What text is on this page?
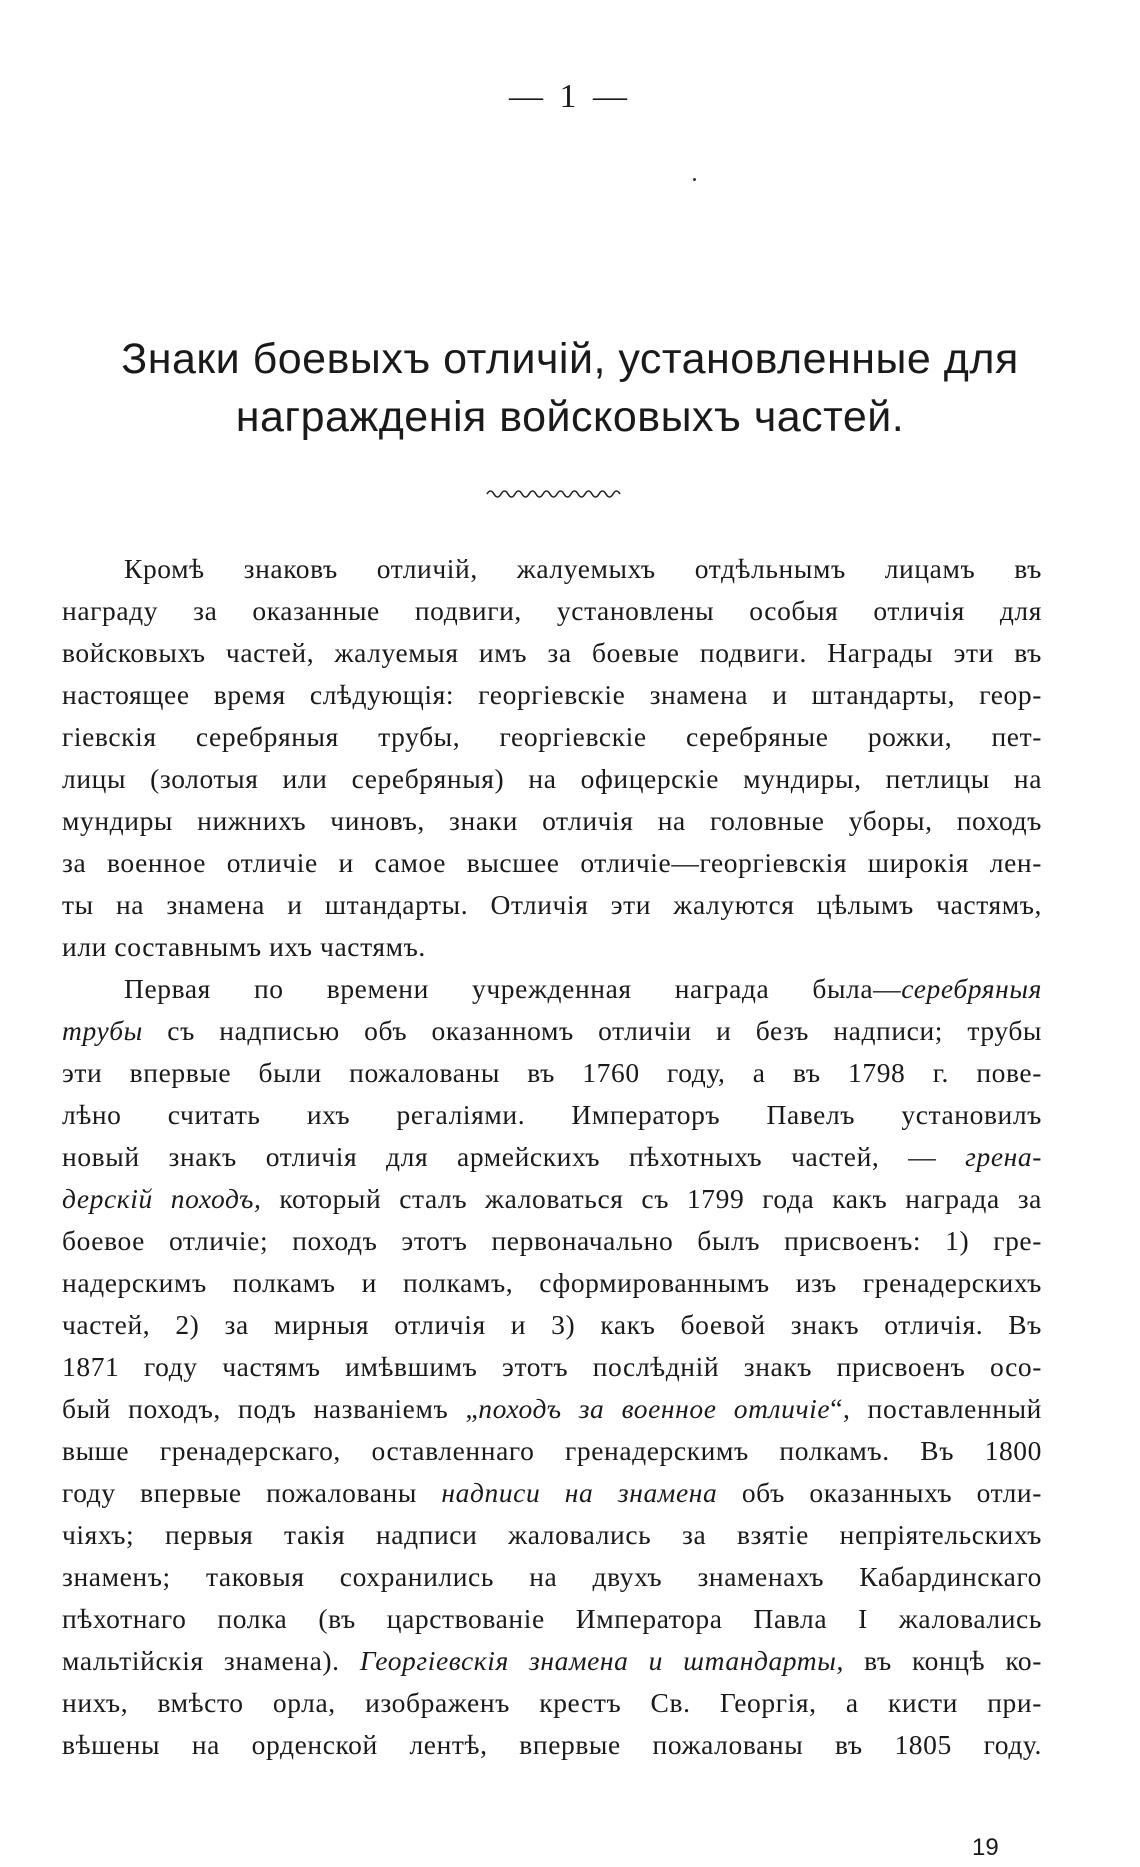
— 1 —
Знаки боевыхъ отличій, установленные для
награжденія войсковыхъ частей.
Кромѣ знаковъ отличій, жалуемыхъ отдѣльнымъ лицамъ въ
награду за оказанные подвиги, установлены особыя отличія для
войсковыхъ частей, жалуемыя имъ за боевые подвиги. Награды эти въ
настоящее время слѣдующія: георгіевскіе знамена и штандарты, геор-
гіевскія серебряныя трубы, георгіевскіе серебряные рожки, пет-
лицы (золотыя или серебряныя) на офицерскіе мундиры, петлицы на
мундиры нижнихъ чиновъ, знаки отличія на головные уборы, походъ
за военное отличіе и самое высшее отличіе—георгіевскія широкія лен-
ты на знамена и штандарты. Отличія эти жалуются цѣлымъ частямъ,
или составнымъ ихъ частямъ.
Первая по времени учрежденная награда была—серебряныя
трубы съ надписью объ оказанномъ отличіи и безъ надписи; трубы
эти впервые были пожалованы въ 1760 году, а въ 1798 г. пове-
лѣно считать ихъ регаліями. Императоръ Павелъ установилъ
новый знакъ отличія для армейскихъ пѣхотныхъ частей, — грена-
дерскій походъ, который сталъ жаловаться съ 1799 года какъ награда за
боевое отличіе; походъ этотъ первоначально былъ присвоенъ: 1) гре-
надерскимъ полкамъ и полкамъ, сформированнымъ изъ гренадерскихъ
частей, 2) за мирныя отличія и 3) какъ боевой знакъ отличія. Въ
1871 году частямъ имѣвшимъ этотъ послѣдній знакъ присвоенъ осо-
бый походъ, подъ названіемъ „походъ за военное отличіе“, поставленный
выше гренадерскаго, оставленнаго гренадерскимъ полкамъ. Въ 1800
году впервые пожалованы надписи на знамена объ оказанныхъ отли-
чіяхъ; первыя такія надписи жаловались за взятіе непріятельскихъ
знаменъ; таковыя сохранились на двухъ знаменахъ Кабардинскаго
пѣхотнаго полка (въ царствованіе Императора Павла I жаловались
мальтійскія знамена). Георгіевскія знамена и штандарты, въ концѣ ко-
нихъ, вмѣсто орла, изображенъ крестъ Св. Георгія, а кисти при-
вѣшены на орденской лентѣ, впервые пожалованы въ 1805 году.
19
